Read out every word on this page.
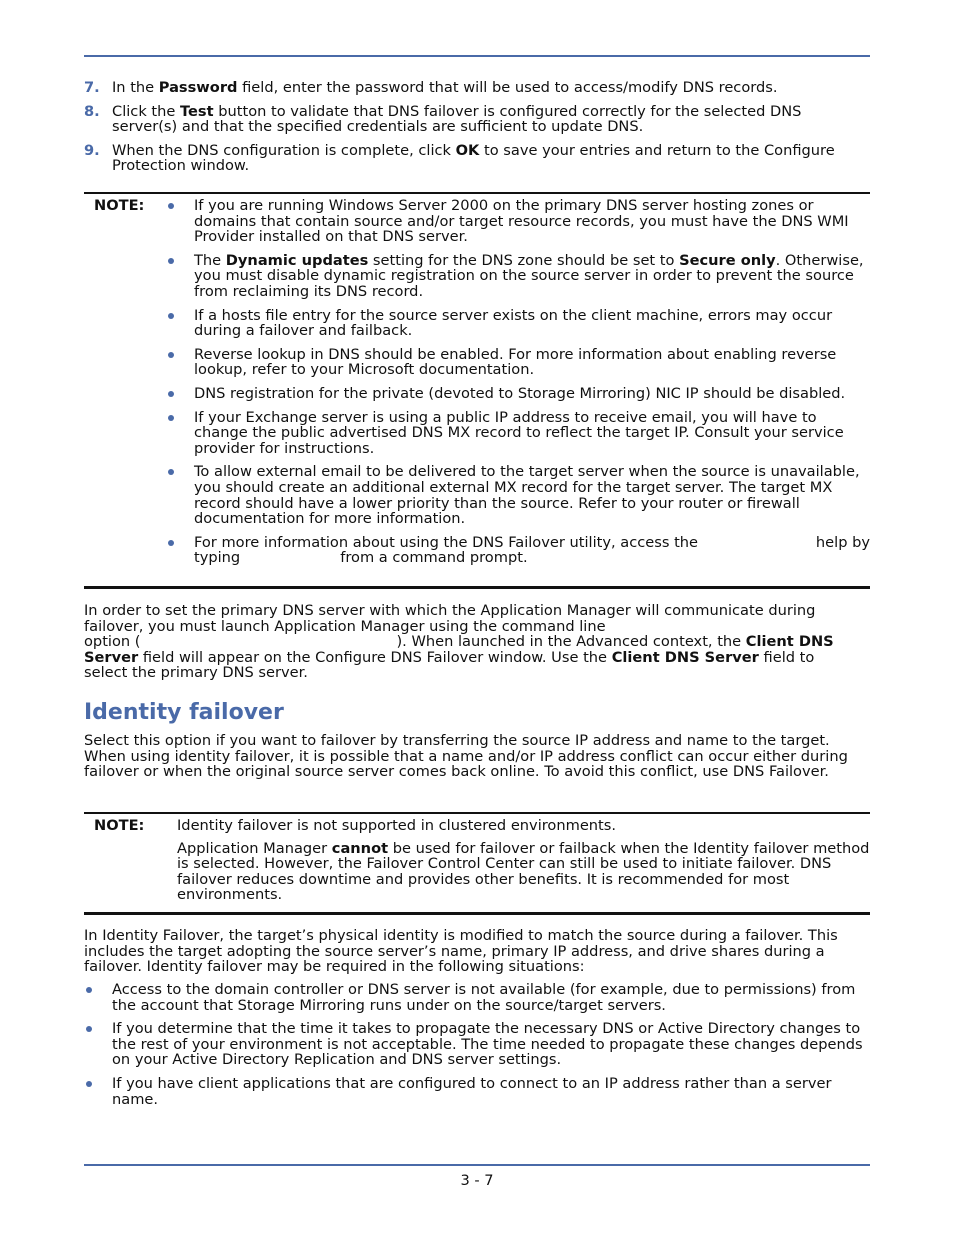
7. In the Password field, enter the password that will be used to access/modify DNS records.
8. Click the Test button to validate that DNS failover is configured correctly for the selected DNS server(s) and that the specified credentials are sufficient to update DNS.
9. When the DNS configuration is complete, click OK to save your entries and return to the Configure Protection window.
NOTE:	If you are running Windows Server 2000 on the primary DNS server hosting zones or domains that contain source and/or target resource records, you must have the DNS WMI Provider installed on that DNS server.
The Dynamic updates setting for the DNS zone should be set to Secure only. Otherwise, you must disable dynamic registration on the source server in order to prevent the source from reclaiming its DNS record.
If a hosts file entry for the source server exists on the client machine, errors may occur during a failover and failback.
Reverse lookup in DNS should be enabled. For more information about enabling reverse lookup, refer to your Microsoft documentation.
DNS registration for the private (devoted to Storage Mirroring) NIC IP should be disabled.
If your Exchange server is using a public IP address to receive email, you will have to change the public advertised DNS MX record to reflect the target IP. Consult your service provider for instructions.
To allow external email to be delivered to the target server when the source is unavailable, you should create an additional external MX record for the target server. The target MX record should have a lower priority than the source. Refer to your router or firewall documentation for more information.
For more information about using the DNS Failover utility, access the	help by
typing	from a command prompt.
In order to set the primary DNS server with which the Application Manager will communicate during
failover, you must launch Application Manager using the command line
option (	). When launched in the Advanced context, the Client DNS
Server field will appear on the Configure DNS Failover window. Use the Client DNS Server field to
select the primary DNS server.
Identity failover

Select this option if you want to failover by transferring the source IP address and name to the target. When using identity failover, it is possible that a name and/or IP address conflict can occur either during failover or when the original source server comes back online. To avoid this conflict, use DNS Failover.

NOTE: Identity failover is not supported in clustered environments.

Application Manager cannot be used for failover or failback when the Identity failover method is selected. However, the Failover Control Center can still be used to initiate failover. DNS failover reduces downtime and provides other benefits. It is recommended for most environments.

In Identity Failover, the target’s physical identity is modified to match the source during a failover. This includes the target adopting the source server’s name, primary IP address, and drive shares during a failover. Identity failover may be required in the following situations:

Access to the domain controller or DNS server is not available (for example, due to permissions) from the account that Storage Mirroring runs under on the source/target servers.
If you determine that the time it takes to propagate the necessary DNS or Active Directory changes to the rest of your environment is not acceptable. The time needed to propagate these changes depends on your Active Directory Replication and DNS server settings.
If you have client applications that are configured to connect to an IP address rather than a server name.
3 - 7
